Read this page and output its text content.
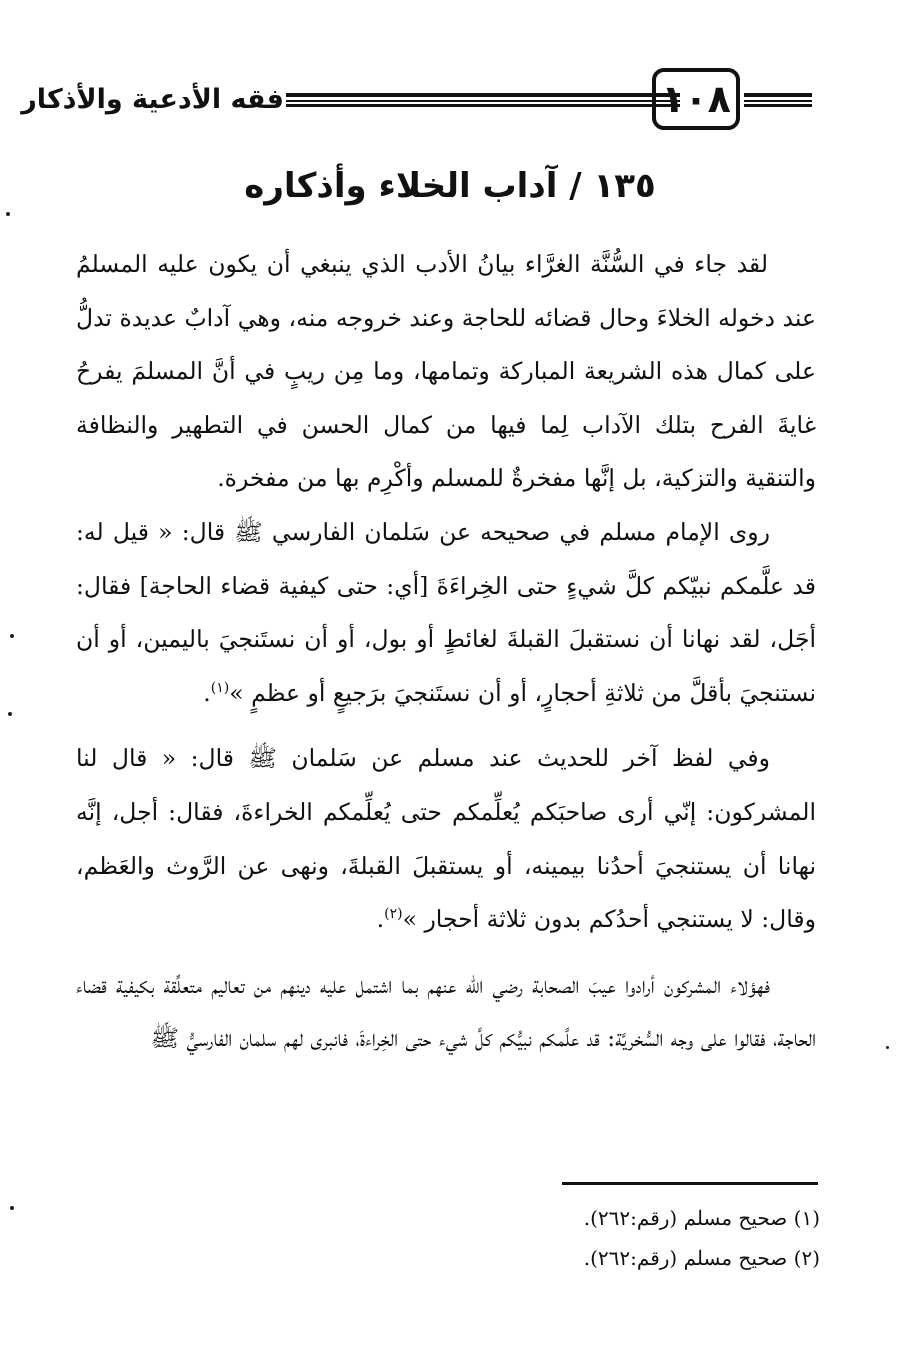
فقه الأدعية والأذكار	١٠٨
١٣٥ / آداب الخلاء وأذكاره

لقد جاء في السُّنَّة الغرَّاء بيانُ الأدب الذي ينبغي أن يكون عليه المسلمُ عند دخوله الخلاءَ وحال قضائه للحاجة وعند خروجه منه، وهي آدابٌ عديدة تدلُّ على كمال هذه الشريعة المباركة وتمامها، وما مِن ريبٍ في أنَّ المسلمَ يفرحُ غايةَ الفرح بتلك الآداب لِما فيها من كمال الحسن في التطهير والنظافة والتنقية والتزكية، بل إنَّها مفخرةٌ للمسلم وأكْرِم بها من مفخرة.

روى الإمام مسلم في صحيحه عن سَلمان الفارسي ﷺ قال: « قيل له: قد علَّمكم نبيّكم كلَّ شيءٍ حتى الخِراءَةَ [أي: حتى كيفية قضاء الحاجة] فقال: أجَل، لقد نهانا أن نستقبلَ القبلةَ لغائطٍ أو بول، أو أن نستَنجيَ باليمين، أو أن نستنجيَ بأقلَّ من ثلاثةِ أحجارٍ، أو أن نستَنجيَ برَجيعٍ أو عظمٍ »$^{(١)}$.

وفي لفظ آخر للحديث عند مسلم عن سَلمان ﷺ قال: « قال لنا المشركون: إنّي أرى صاحبَكم يُعلِّمكم حتى يُعلِّمكم الخراءةَ، فقال: أجل، إنَّه نهانا أن يستنجيَ أحدُنا بيمينه، أو يستقبلَ القبلةَ، ونهى عن الرَّوث والعَظم، وقال: لا يستنجي أحدُكم بدون ثلاثة أحجار »$^{(٢)}$.

فهؤلاء المشركون أرادوا عيبَ الصحابة رضي الله عنهم بما اشتمل عليه دينهم من تعاليم متعلِّقة بكيفية قضاء الحاجة، فقالوا على وجه السُّخريَّة: قد علَّمكم نبيُّكم كلَّ شيء حتى الخِراءةَ، فانبرى لهم سلمان الفارسيُّ ﷺ

(١) صحيح مسلم (رقم:٢٦٢).
(٢) صحيح مسلم (رقم:٢٦٢).
